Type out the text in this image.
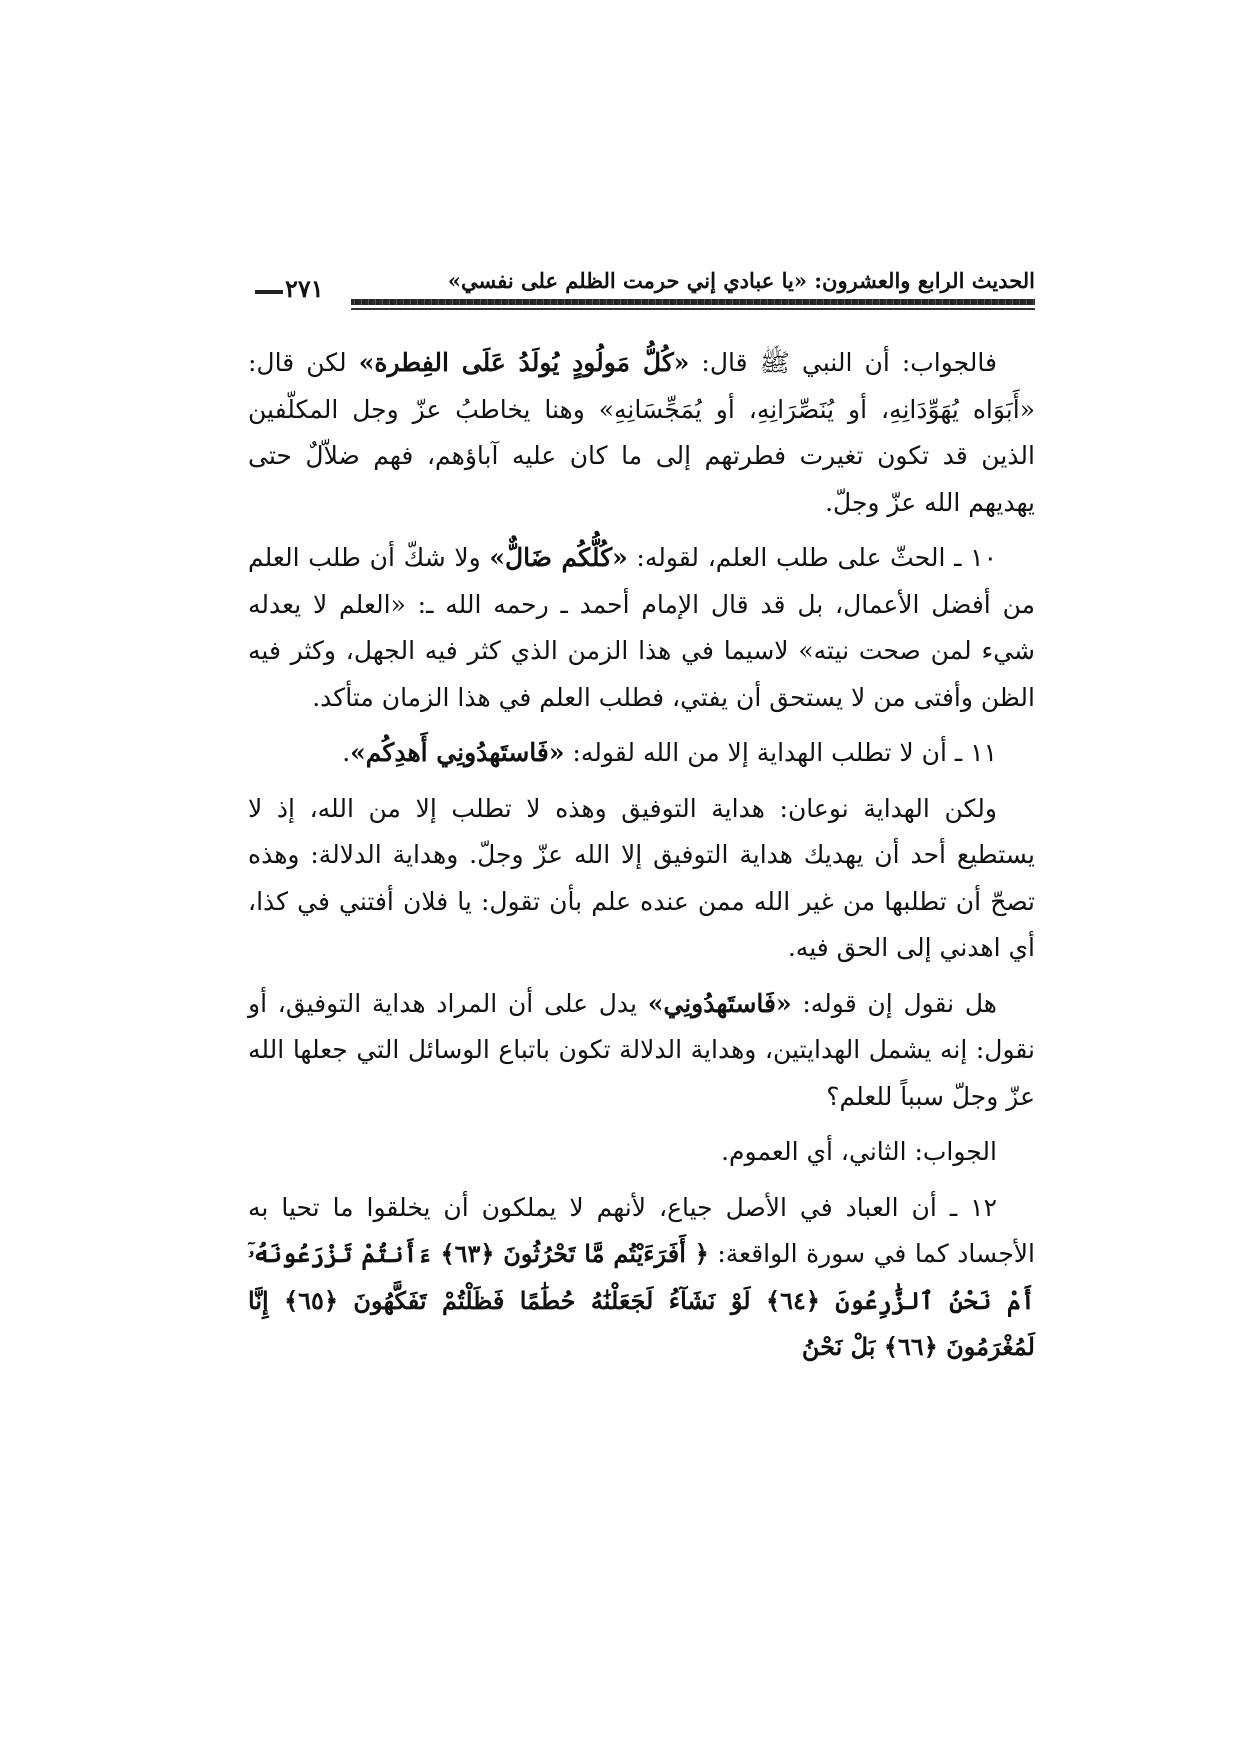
الحديث الرابع والعشرون: «يا عبادي إني حرمت الظلم على نفسي»
٢٧١

فالجواب: أن النبي ﷺ قال: «كُلُّ مَولُودٍ يُولَدُ عَلَى الفِطرة» لكن قال: «أَبَوَاه يُهَوِّدَانِهِ، أو يُنَصِّرَانِهِ، أو يُمَجِّسَانِهِ» وهنا يخاطبُ عزّ وجل المكلّفين الذين قد تكون تغيرت فطرتهم إلى ما كان عليه آباؤهم، فهم ضلاّلٌ حتى يهديهم الله عزّ وجلّ.

١٠ ـ الحثّ على طلب العلم، لقوله: «كُلُّكُم ضَالٌّ» ولا شكّ أن طلب العلم من أفضل الأعمال، بل قد قال الإمام أحمد ـ رحمه الله ـ: «العلم لا يعدله شيء لمن صحت نيته» لاسيما في هذا الزمن الذي كثر فيه الجهل، وكثر فيه الظن وأفتى من لا يستحق أن يفتي، فطلب العلم في هذا الزمان متأكد.

١١ ـ أن لا تطلب الهداية إلا من الله لقوله: «فَاستَهدُونِي أَهدِكُم».

ولكن الهداية نوعان: هداية التوفيق وهذه لا تطلب إلا من الله، إذ لا يستطيع أحد أن يهديك هداية التوفيق إلا الله عزّ وجلّ. وهداية الدلالة: وهذه تصحّ أن تطلبها من غير الله ممن عنده علم بأن تقول: يا فلان أفتني في كذا، أي اهدني إلى الحق فيه.

هل نقول إن قوله: «فَاستَهدُونِي» يدل على أن المراد هداية التوفيق، أو نقول: إنه يشمل الهدايتين، وهداية الدلالة تكون باتباع الوسائل التي جعلها الله عزّ وجلّ سبباً للعلم؟

الجواب: الثاني، أي العموم.

١٢ ـ أن العباد في الأصل جياع، لأنهم لا يملكون أن يخلقوا ما تحيا به الأجساد كما في سورة الواقعة: ﴿ أَفَرَءَيْتُم مَّا تَحْرُثُونَ ﴿٦٣﴾ ءَأَنتُمْ تَزْرَعُونَهُۥٓ أَمْ نَحْنُ ٱلزَّٰرِعُونَ ﴿٦٤﴾ لَوْ نَشَآءُ لَجَعَلْنَٰهُ حُطَٰمًا فَظَلْتُمْ تَفَكَّهُونَ ﴿٦٥﴾ إِنَّا لَمُغْرَمُونَ ﴿٦٦﴾ بَلْ نَحْنُ
